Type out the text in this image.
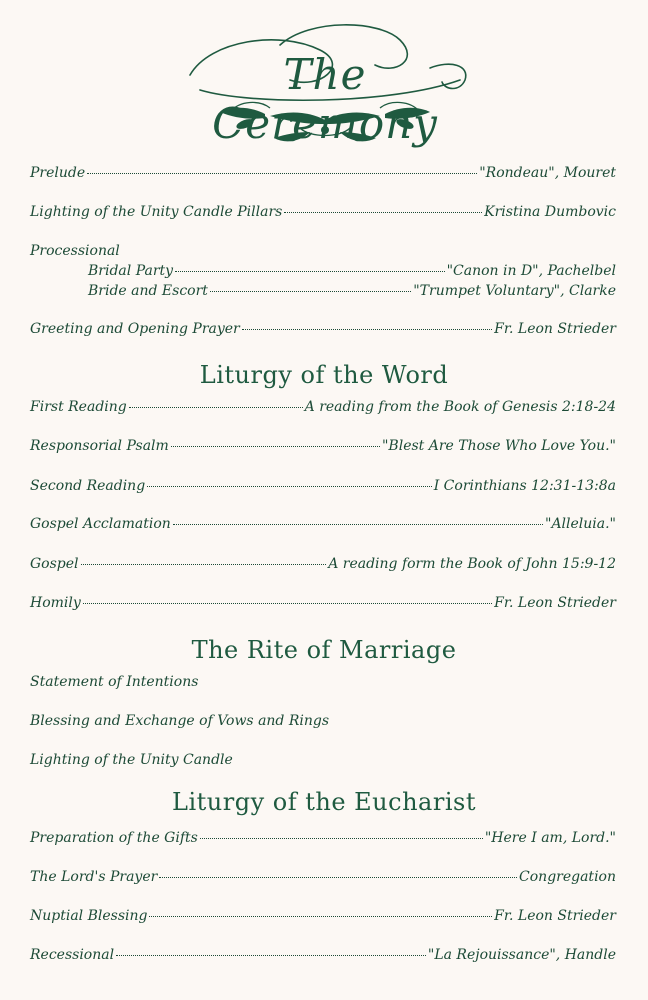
The Ceremony
Prelude	"Rondeau", Mouret
Lighting of the Unity Candle Pillars	Kristina Dumbovic
Processional
Bridal Party	"Canon in D", Pachelbel
Bride and Escort	"Trumpet Voluntary", Clarke
Greeting and Opening Prayer	Fr. Leon Strieder
Liturgy of the Word
First Reading	A reading from the Book of Genesis 2:18-24
Responsorial Psalm	"Blest Are Those Who Love You."
Second Reading	I Corinthians 12:31-13:8a
Gospel Acclamation	"Alleluia."
Gospel	A reading form the Book of John 15:9-12
Homily	Fr. Leon Strieder
The Rite of Marriage
Statement of Intentions
Blessing and Exchange of Vows and Rings
Lighting of the Unity Candle
Liturgy of the Eucharist
Preparation of the Gifts	"Here I am, Lord."
The Lord's Prayer	Congregation
Nuptial Blessing	Fr. Leon Strieder
Recessional	"La Rejouissance", Handle
